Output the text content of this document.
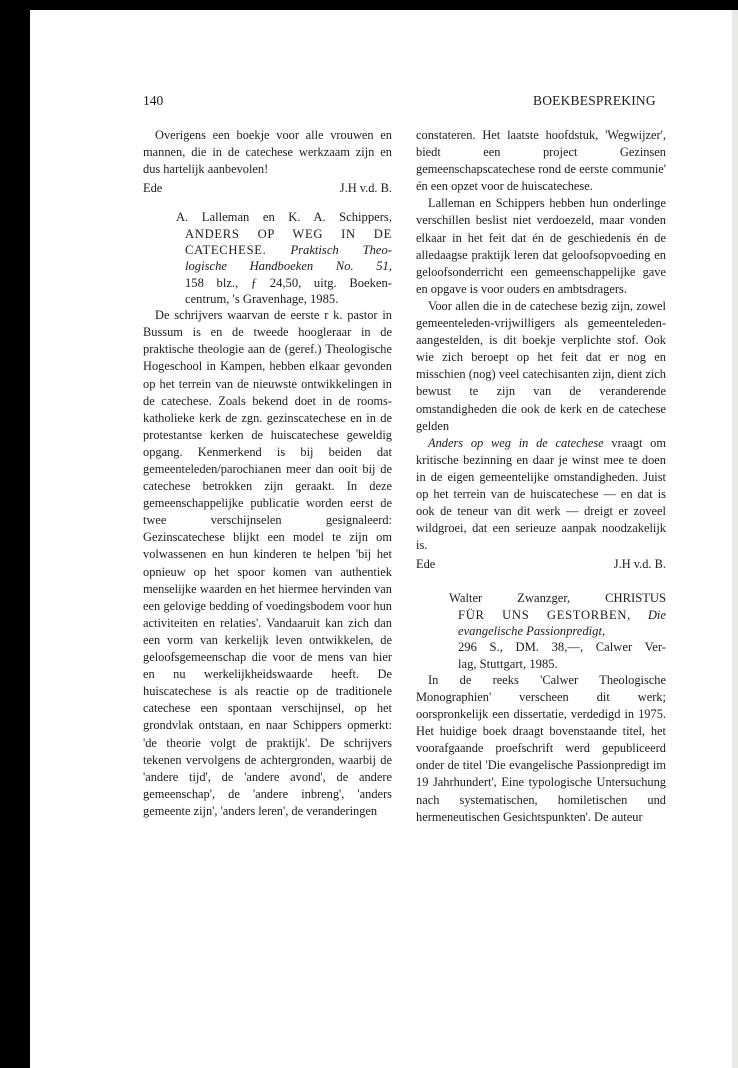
140	BOEKBESPREKING

Overigens een boekje voor alle vrouwen en mannen, die in de catechese werkzaam zijn en dus hartelijk aanbevolen!

Ede	J.H v.d. B.
A. Lalleman en K. A. Schippers,
ANDERS OP WEG IN DE
CATECHESE. Praktisch Theo-
logische Handboeken No. 51,
158 blz., ƒ 24,50, uitg. Boeken-
centrum, 's Gravenhage, 1985.

De schrijvers waarvan de eerste r k. pastor in Bussum is en de tweede hoogleraar in de praktische theologie aan de (geref.) Theologische Hogeschool in Kampen, hebben elkaar gevonden op het terrein van de nieuwste ontwikkelingen in de catechese. Zoals bekend doet in de rooms-katholieke kerk de zgn. gezinscatechese en in de protestantse kerken de huiscatechese geweldig opgang. Kenmerkend is bij beiden dat gemeenteleden/parochianen meer dan ooit bij de catechese betrokken zijn geraakt. In deze gemeenschappelijke publicatie worden eerst de twee verschijnselen gesignaleerd: Gezinscatechese blijkt een model te zijn om volwassenen en hun kinderen te helpen 'bij het opnieuw op het spoor komen van authentiek menselijke waarden en het hiermee hervinden van een gelovige bedding of voedingsbodem voor hun activiteiten en relaties'. Vandaaruit kan zich dan een vorm van kerkelijk leven ontwikkelen, de geloofsgemeenschap die voor de mens van hier en nu werkelijkheidswaarde heeft. De huiscatechese is als reactie op de traditionele catechese een spontaan verschijnsel, op het grondvlak ontstaan, en naar Schippers opmerkt: 'de theorie volgt de praktijk'. De schrijvers tekenen vervolgens de achtergronden, waarbij de 'andere tijd', de 'andere avond', de andere gemeenschap', de 'andere inbreng', 'anders gemeente zijn', 'anders leren', de veranderingen

constateren. Het laatste hoofdstuk, 'Wegwijzer', biedt een project Gezinsen gemeenschapscatechese rond de eerste communie' én een opzet voor de huiscatechese.

Lalleman en Schippers hebben hun onderlinge verschillen beslist niet verdoezeld, maar vonden elkaar in het feit dat én de geschiedenis én de alledaagse praktijk leren dat geloofsopvoeding en geloofsonderricht een gemeenschappelijke gave en opgave is voor ouders en ambtsdragers.

Voor allen die in de catechese bezig zijn, zowel gemeenteleden-vrijwilligers als gemeenteleden-aangestelden, is dit boekje verplichte stof. Ook wie zich beroept op het feit dat er nog en misschien (nog) veel catechisanten zijn, dient zich bewust te zijn van de veranderende omstandigheden die ook de kerk en de catechese gelden

Anders op weg in de catechese vraagt om kritische bezinning en daar je winst mee te doen in de eigen gemeentelijke omstandigheden. Juist op het terrein van de huiscatechese — en dat is ook de teneur van dit werk — dreigt er zoveel wildgroei, dat een serieuze aanpak noodzakelijk is.

Ede	J.H v.d. B.
Walter Zwanzger, CHRISTUS
FÜR UNS GESTORBEN, Die
evangelische Passionpredigt,
296 S., DM. 38,—, Calwer Ver-
lag, Stuttgart, 1985.

In de reeks 'Calwer Theologische Monographien' verscheen dit werk; oorspronkelijk een dissertatie, verdedigd in 1975. Het huidige boek draagt bovenstaande titel, het voorafgaande proefschrift werd gepubliceerd onder de titel 'Die evangelische Passionpredigt im 19 Jahrhundert', Eine typologische Untersuchung nach systematischen, homiletischen und hermeneutischen Gesichtspunkten'. De auteur
